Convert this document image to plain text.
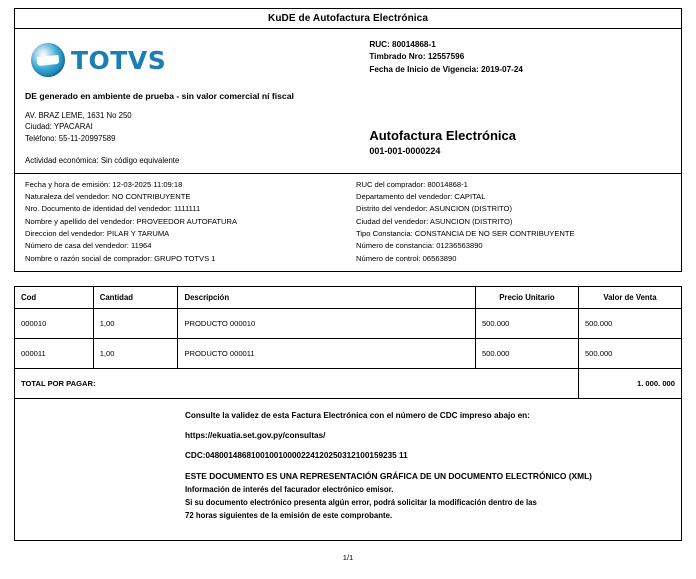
KuDE de Autofactura Electrónica
TOTVS
DE generado en ambiente de prueba - sin valor comercial ní fiscal
AV. BRAZ LEME, 1631 No 250
Ciudad: YPACARAI
Teléfono: 55-11-20997589
Actividad económica: Sin código equivalente
RUC: 80014868-1
Timbrado Nro: 12557596
Fecha de Inicio de Vigencia: 2019-07-24
Autofactura Electrónica
001-001-0000224
Fecha y hora de emisión: 12-03-2025 11:09:18
Naturaleza del vendedor: NO CONTRIBUYENTE
Nro. Documento de identidad del vendedor: 1111111
Nombre y apellido del vendedor: PROVEEDOR AUTOFATURA
Direccion del vendedor: PILAR Y TARUMA
Número de casa del vendedor: 11964
Nombre o razón social de comprador: GRUPO TOTVS 1
RUC del comprador: 80014868-1
Departamento del vendedor: CAPITAL
Distrito del vendedor: ASUNCION (DISTRITO)
Ciudad del vendedor: ASUNCION (DISTRITO)
Tipo Constancia: CONSTANCIA DE NO SER CONTRIBUYENTE
Número de constancia: 01236563890
Número de control: 06563890
Cod	Cantidad	Descripción	Precio Unitario	Valor de Venta
000010	1,00	PRODUCTO 000010	500.000	500.000
000011	1,00	PRODUCTO 000011	500.000	500.000
TOTAL POR PAGAR:				1. 000. 000
Consulte la validez de esta Factura Electrónica con el número de CDC impreso abajo en:
https://ekuatia.set.gov.py/consultas/
CDC:048001486810010010000224120250312100159235 11
ESTE DOCUMENTO ES UNA REPRESENTACIÓN GRÁFICA DE UN DOCUMENTO ELECTRÓNICO (XML)
Información de interés del facurador electrónico emisor.
Si su documento electrónico presenta algún error, podrá solicitar la modificación dentro de las
72 horas siguientes de la emisión de este comprobante.
1/1
